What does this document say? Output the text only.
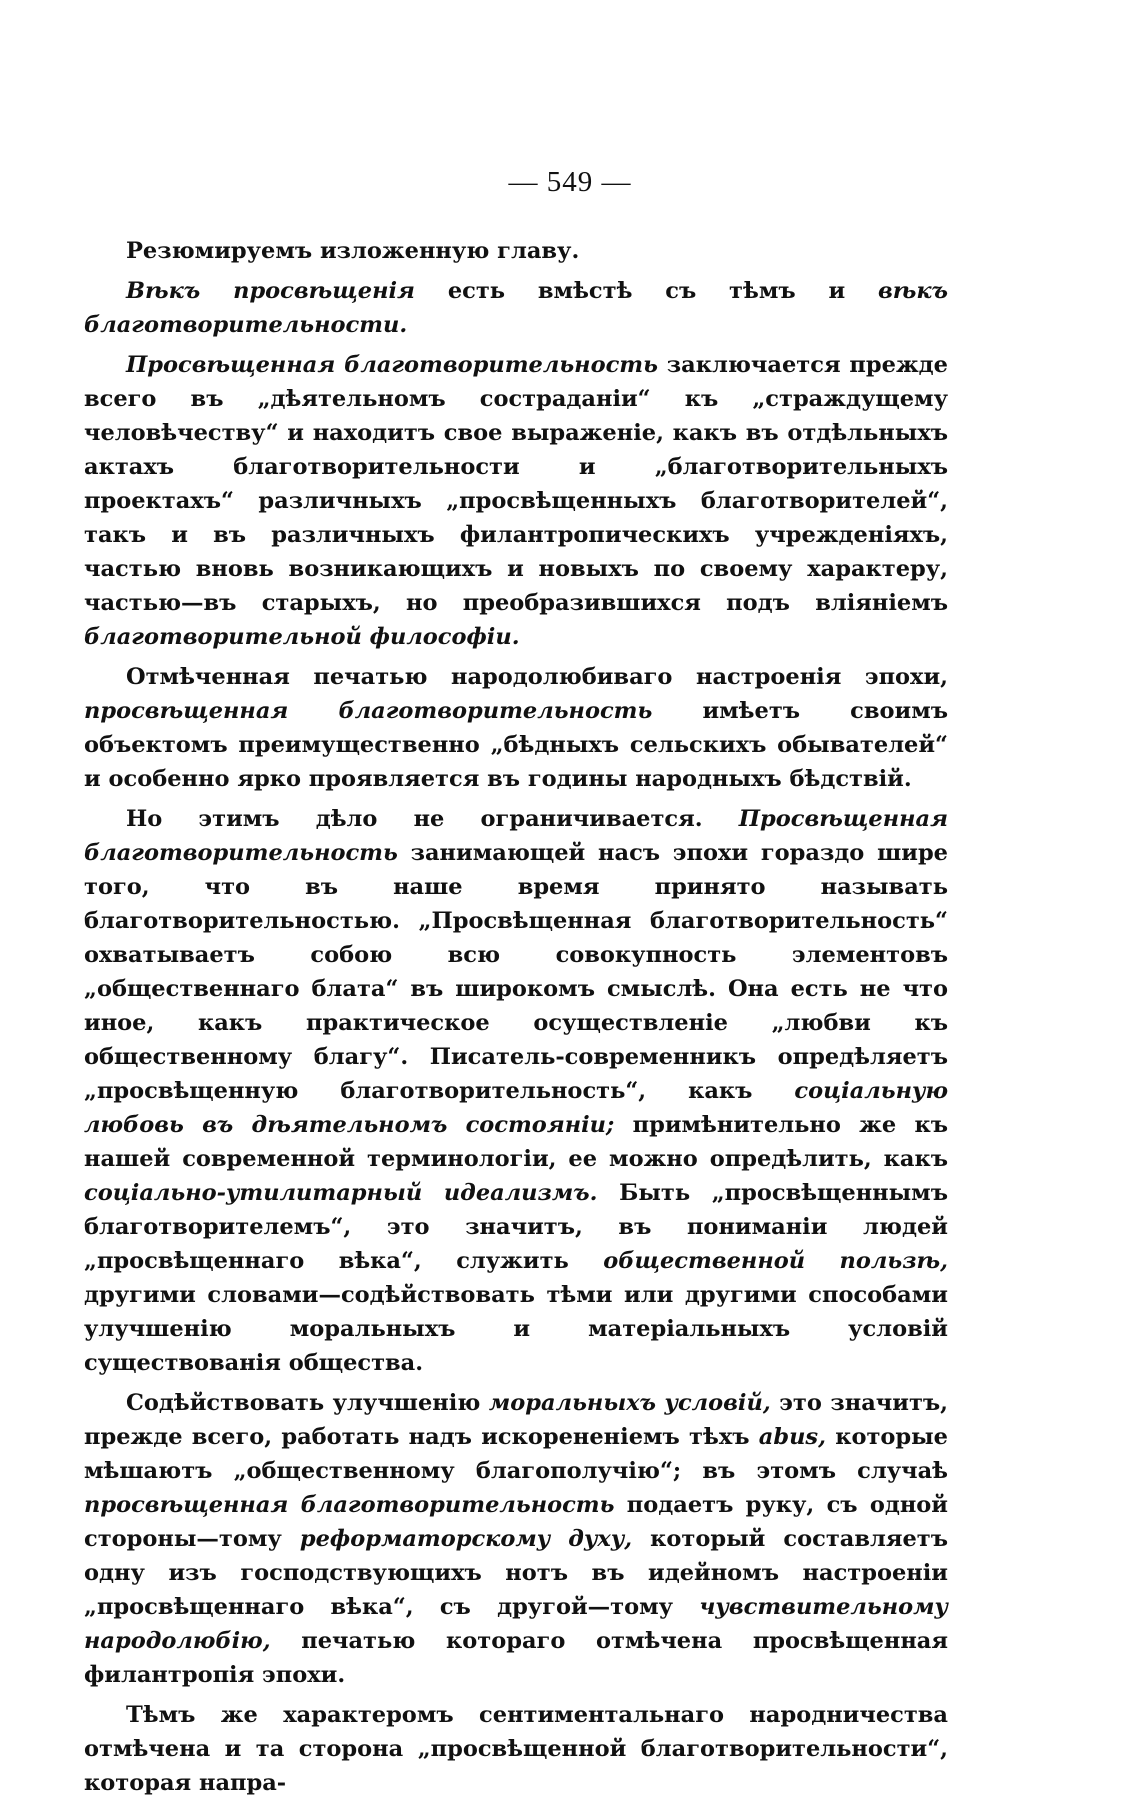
— 549 —

Резюмируемъ изложенную главу.

Вѣкъ просвѣщенія есть вмѣстѣ съ тѣмъ и вѣкъ благотворительности.

Просвѣщенная благотворительность заключается прежде всего въ „дѣятельномъ состраданіи“ къ „страждущему человѣчеству“ и находитъ свое выраженіе, какъ въ отдѣльныхъ актахъ благотворительности и „благотворительныхъ проектахъ“ различныхъ „просвѣщенныхъ благотворителей“, такъ и въ различныхъ филантропическихъ учрежденіяхъ, частью вновь возникающихъ и новыхъ по своему характеру, частью—въ старыхъ, но преобразившихся подъ вліяніемъ благотворительной философіи.

Отмѣченная печатью народолюбиваго настроенія эпохи, просвѣщенная благотворительность имѣетъ своимъ объектомъ преимущественно „бѣдныхъ сельскихъ обывателей“ и особенно ярко проявляется въ годины народныхъ бѣдствій.

Но этимъ дѣло не ограничивается. Просвѣщенная благотворительность занимающей насъ эпохи гораздо шире того, что въ наше время принято называть благотворительностью. „Просвѣщенная благотворительность“ охватываетъ собою всю совокупность элементовъ „общественнаго блата“ въ широкомъ смыслѣ. Она есть не что иное, какъ практическое осуществленіе „любви къ общественному благу“. Писатель-современникъ опредѣляетъ „просвѣщенную благотворительность“, какъ соціальную любовь въ дѣятельномъ состояніи; примѣнительно же къ нашей современной терминологіи, ее можно опредѣлить, какъ соціально-утилитарный идеализмъ. Быть „просвѣщеннымъ благотворителемъ“, это значитъ, въ пониманіи людей „просвѣщеннаго вѣка“, служить общественной пользѣ, другими словами—содѣйствовать тѣми или другими способами улучшенію моральныхъ и матеріальныхъ условій существованія общества.

Содѣйствовать улучшенію моральныхъ условій, это значитъ, прежде всего, работать надъ искорененіемъ тѣхъ abus, которые мѣшаютъ „общественному благополучію“; въ этомъ случаѣ просвѣщенная благотворительность подаетъ руку, съ одной стороны—тому реформаторскому духу, который составляетъ одну изъ господствующихъ нотъ въ идейномъ настроеніи „просвѣщеннаго вѣка“, съ другой—тому чувствительному народолюбію, печатью котораго отмѣчена просвѣщенная филантропія эпохи.

Тѣмъ же характеромъ сентиментальнаго народничества отмѣчена и та сторона „просвѣщенной благотворительности“, которая напра-
